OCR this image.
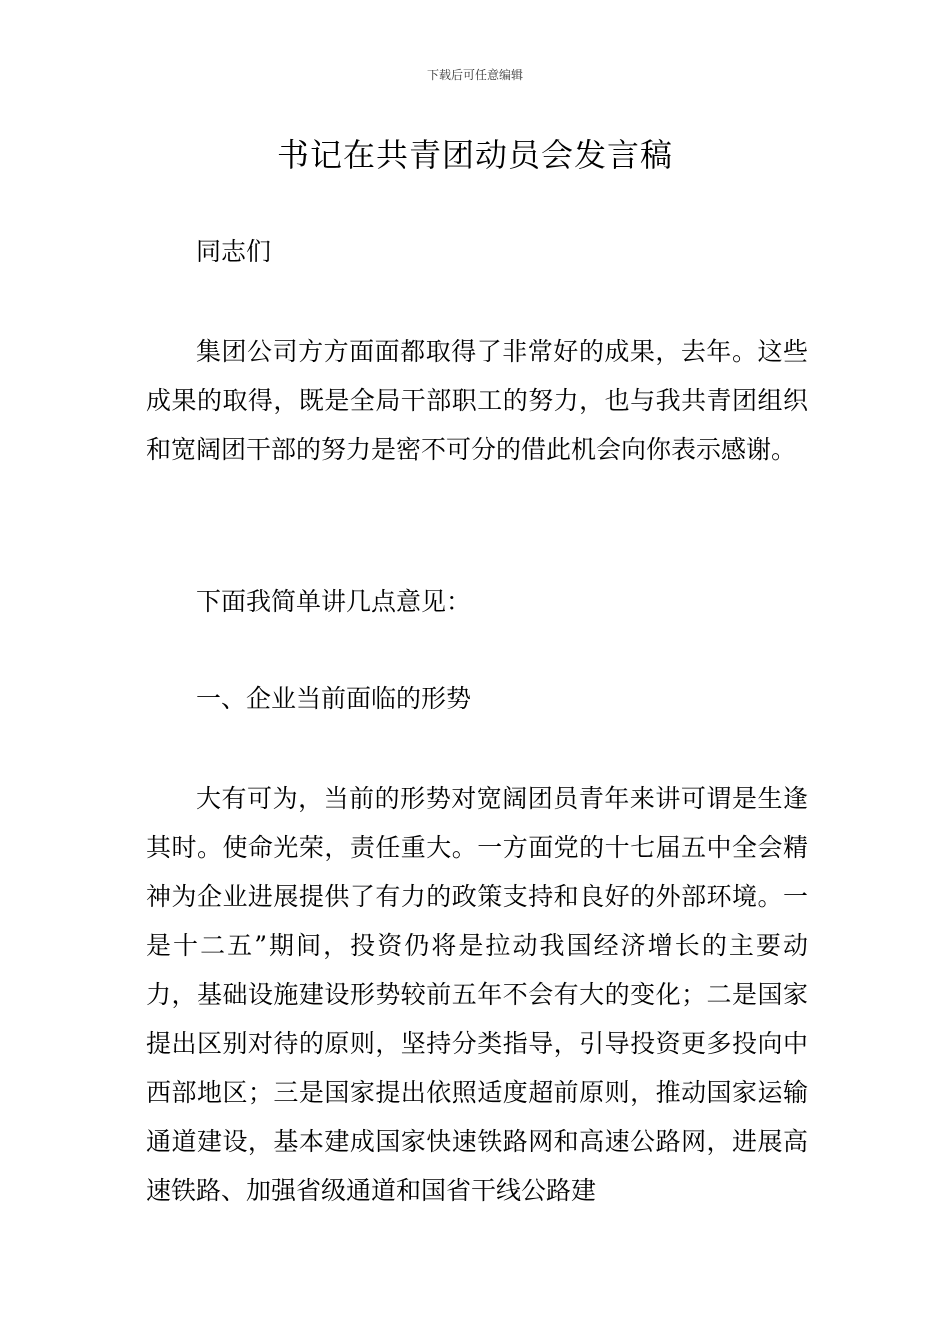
下载后可任意编辑
书记在共青团动员会发言稿

同志们

集团公司方方面面都取得了非常好的成果，去年。这些成果的取得，既是全局干部职工的努力，也与我共青团组织和宽阔团干部的努力是密不可分的借此机会向你表示感谢。

下面我简单讲几点意见：

一、企业当前面临的形势

大有可为，当前的形势对宽阔团员青年来讲可谓是生逢其时。使命光荣，责任重大。一方面党的十七届五中全会精神为企业进展提供了有力的政策支持和良好的外部环境。一是十二五”期间，投资仍将是拉动我国经济增长的主要动力，基础设施建设形势较前五年不会有大的变化；二是国家提出区别对待的原则，坚持分类指导，引导投资更多投向中西部地区；三是国家提出依照适度超前原则，推动国家运输通道建设，基本建成国家快速铁路网和高速公路网，进展高速铁路、加强省级通道和国省干线公路建
